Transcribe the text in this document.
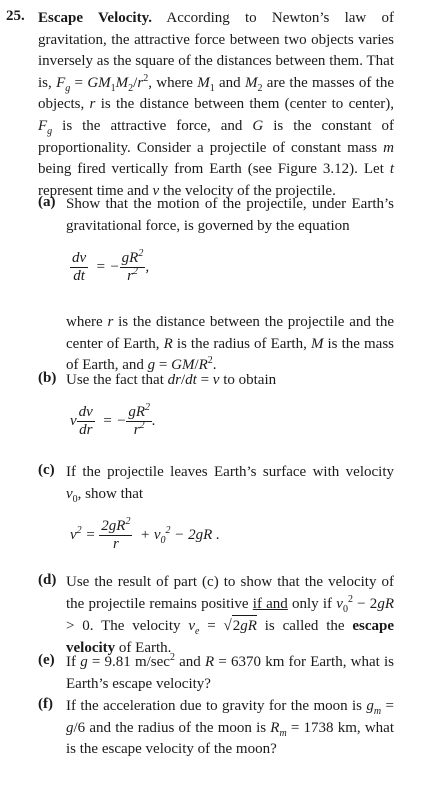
25. Escape Velocity. According to Newton’s law of gravitation, the attractive force between two objects varies inversely as the square of the distances between them. That is, $F_g = GM_1M_2/r^2$, where $M_1$ and $M_2$ are the masses of the objects, r is the distance between them (center to center), $F_g$ is the attractive force, and G is the constant of proportionality. Consider a projectile of constant mass m being fired vertically from Earth (see Figure 3.12). Let t represent time and v the velocity of the projectile.
(a) Show that the motion of the projectile, under Earth’s gravitational force, is governed by the equation
$\frac{dv}{dt}$ = − $\frac{gR^2}{r^2}$ ,
where r is the distance between the projectile and the center of Earth, R is the radius of Earth, M is the mass of Earth, and $g = GM/R^2$.
(b) Use the fact that dr/dt = v to obtain
v $\frac{dv}{dr}$ = − $\frac{gR^2}{r^2}$ .
(c) If the projectile leaves Earth’s surface with velocity $v_0$, show that
$v^2 = \frac{2gR^2}{r} + v_0^2 - 2gR$ .
(d) Use the result of part (c) to show that the velocity of the projectile remains positive if and only if $v_0^2 - 2gR > 0$. The velocity $v_e = √2gR$ is called the escape velocity of Earth.
(e) If g = 9.81 $m/\sec^2$ and R = 6370 km for Earth, what is Earth’s escape velocity?
(f) If the acceleration due to gravity for the moon is $g_m = g/6$ and the radius of the moon is $R_m = 1738$ km, what is the escape velocity of the moon?
